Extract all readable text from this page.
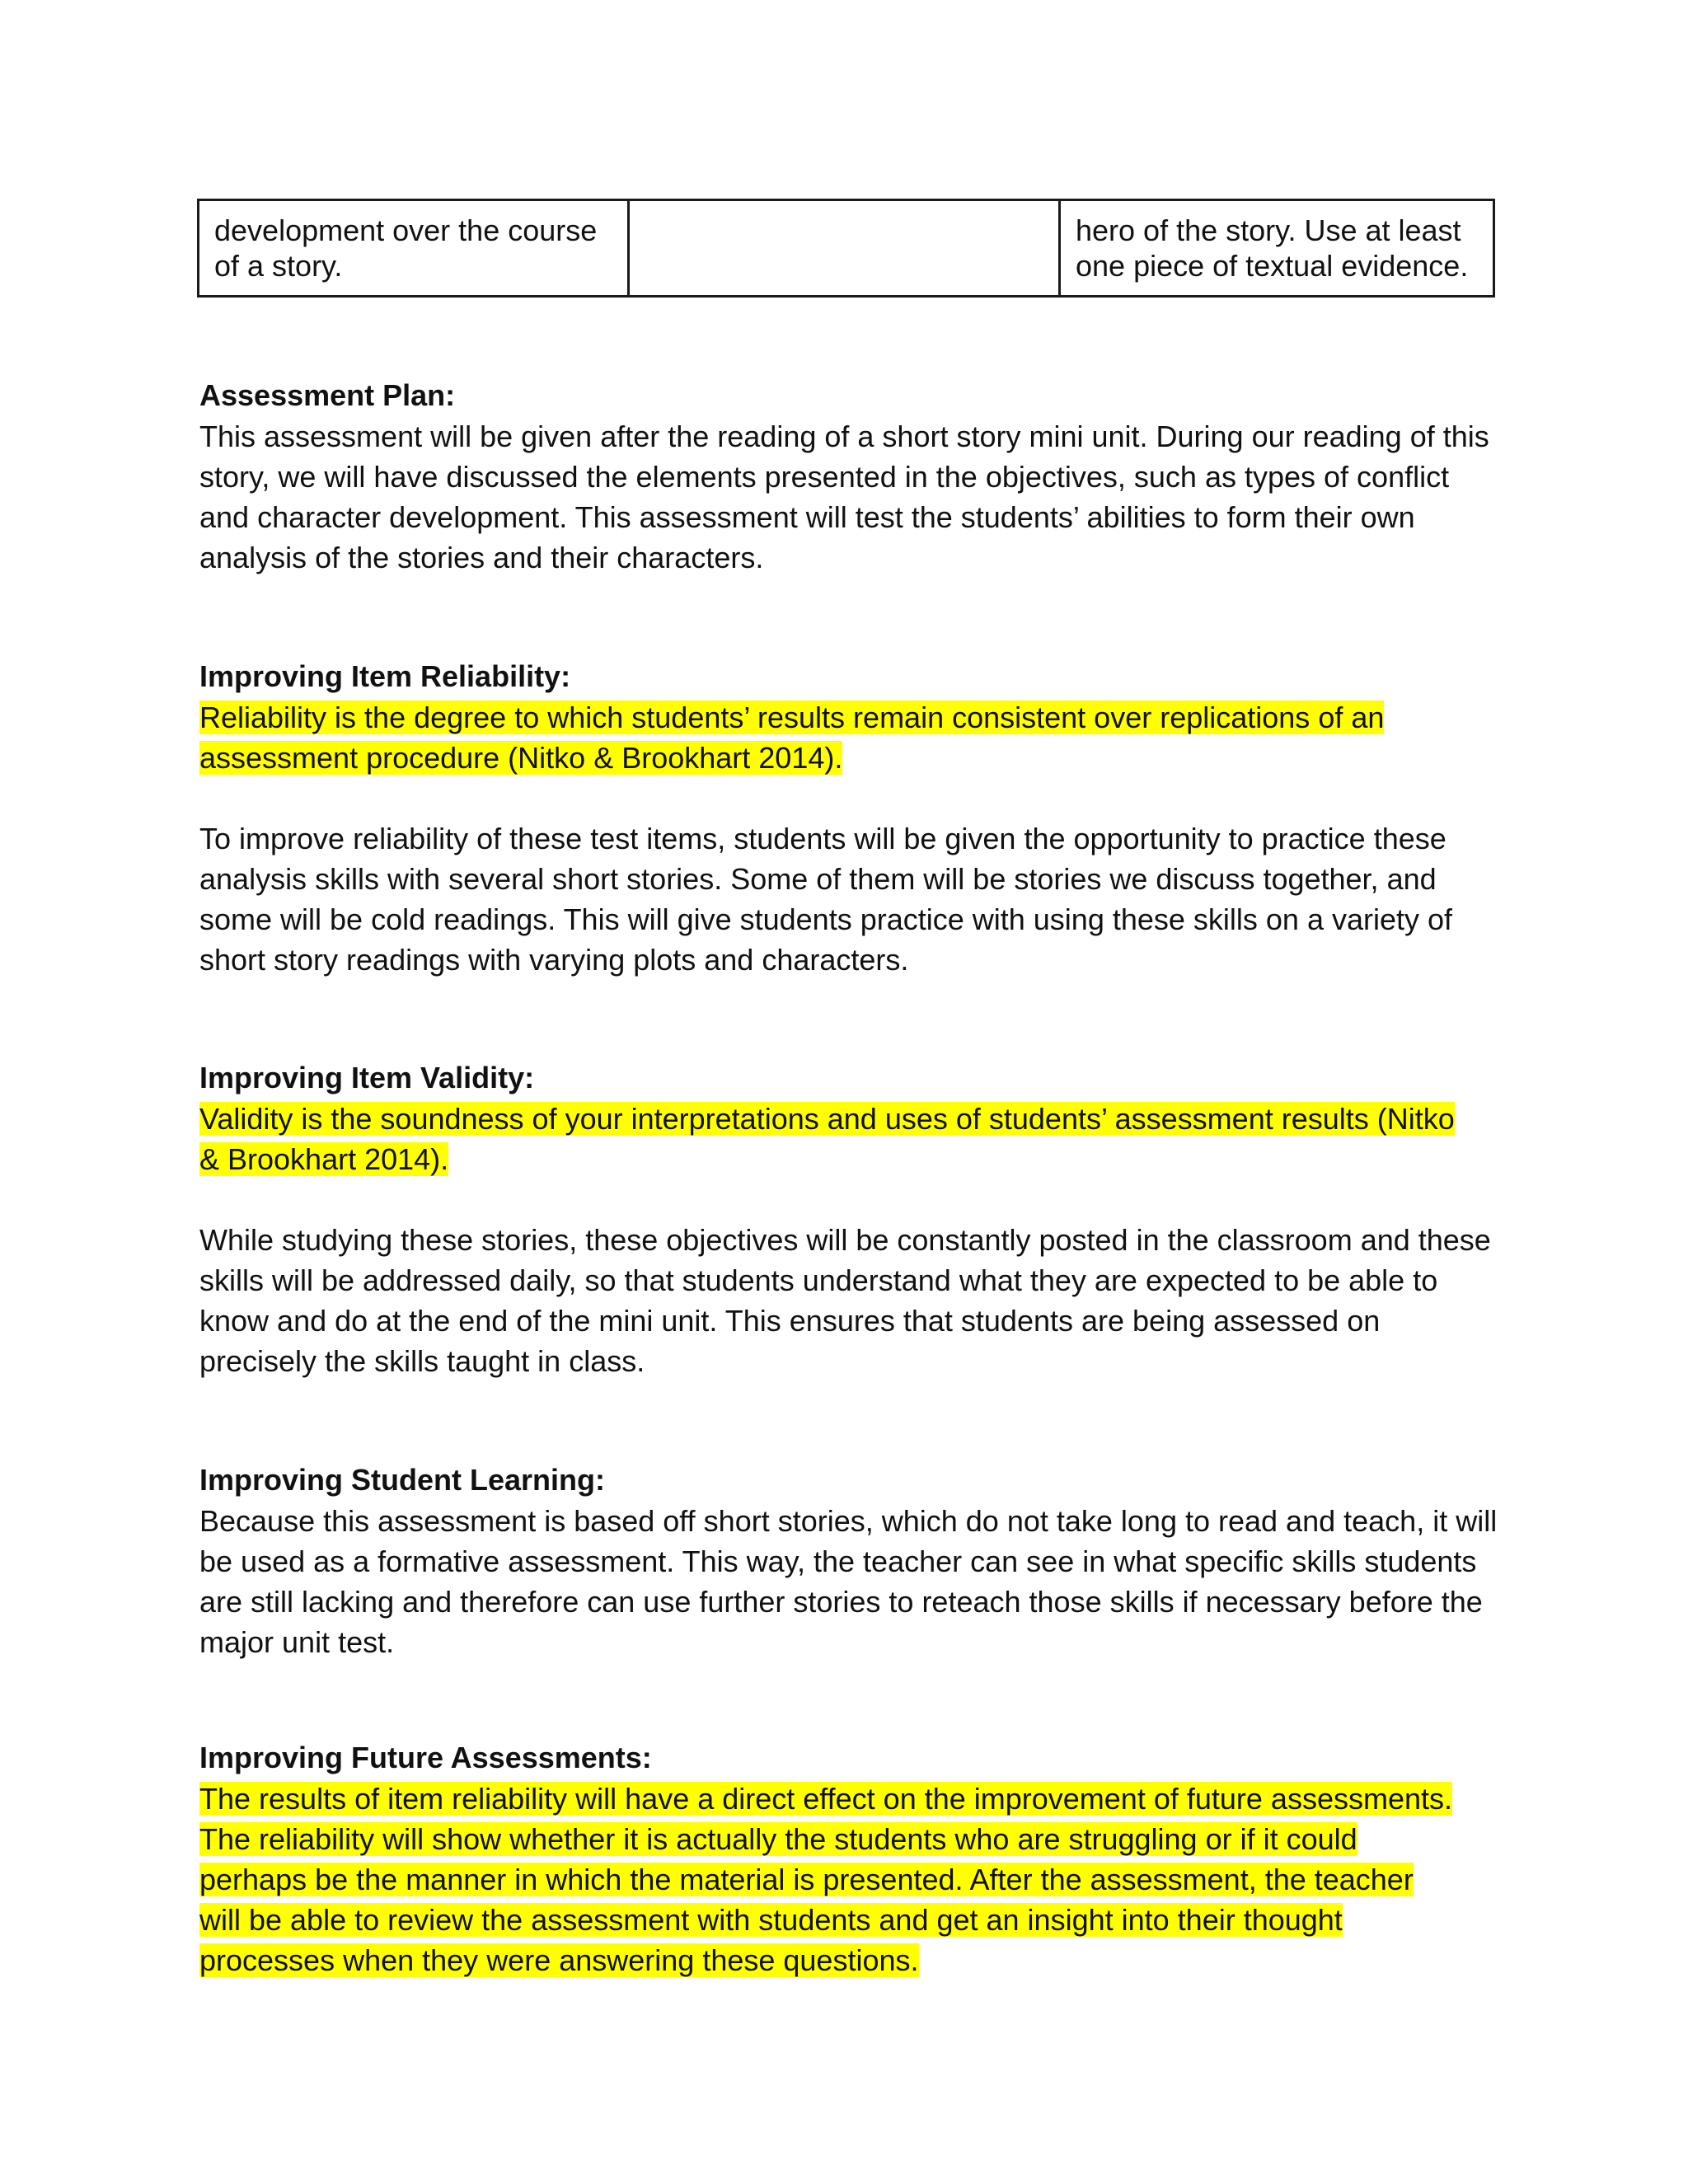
development over the course of a story.		hero of the story. Use at least one piece of textual evidence.

Assessment Plan:

This assessment will be given after the reading of a short story mini unit. During our reading of this story, we will have discussed the elements presented in the objectives, such as types of conflict and character development. This assessment will test the students’ abilities to form their own analysis of the stories and their characters.

Improving Item Reliability:

Reliability is the degree to which students’ results remain consistent over replications of an
assessment procedure (Nitko & Brookhart 2014).

To improve reliability of these test items, students will be given the opportunity to practice these analysis skills with several short stories. Some of them will be stories we discuss together, and some will be cold readings. This will give students practice with using these skills on a variety of short story readings with varying plots and characters.

Improving Item Validity:

Validity is the soundness of your interpretations and uses of students’ assessment results (Nitko
& Brookhart 2014).

While studying these stories, these objectives will be constantly posted in the classroom and these skills will be addressed daily, so that students understand what they are expected to be able to know and do at the end of the mini unit. This ensures that students are being assessed on precisely the skills taught in class.

Improving Student Learning:

Because this assessment is based off short stories, which do not take long to read and teach, it will be used as a formative assessment. This way, the teacher can see in what specific skills students are still lacking and therefore can use further stories to reteach those skills if necessary before the major unit test.

Improving Future Assessments:

The results of item reliability will have a direct effect on the improvement of future assessments.
The reliability will show whether it is actually the students who are struggling or if it could
perhaps be the manner in which the material is presented. After the assessment, the teacher
will be able to review the assessment with students and get an insight into their thought
processes when they were answering these questions.
